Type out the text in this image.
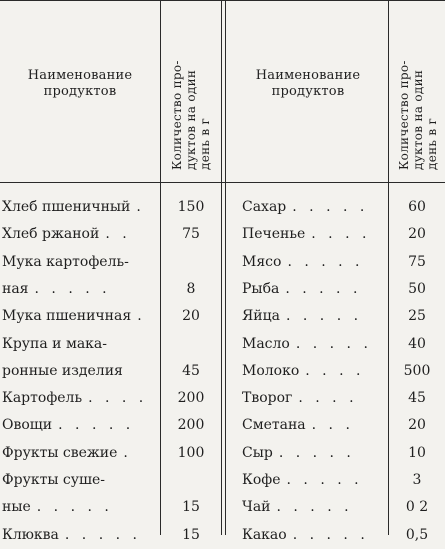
Наименование продуктов	Количество про- дуктов на один день в г
Наименование продуктов	Количество про- дуктов на один день в г
Хлеб пшеничный .	150
Хлеб ржаной . .	75
Мука картофель-
ная . . . . .	8
Мука пшеничная .	20
Крупа и мака-
ронные изделия	45
Картофель . . . .	200
Овощи . . . . .	200
Фрукты свежие .	100
Фрукты суше-
ные . . . . .	15
Клюква . . . . .	15
Сахар . . . . .	60
Печенье . . . .	20
Мясо . . . . .	75
Рыба . . . . .	50
Яйца . . . . .	25
Масло . . . . .	40
Молоко . . . .	500
Творог . . . .	45
Сметана . . .	20
Сыр . . . . .	10
Кофе . . . . .	3
Чай . . . . .	0 2
Какао . . . . .	0,5
